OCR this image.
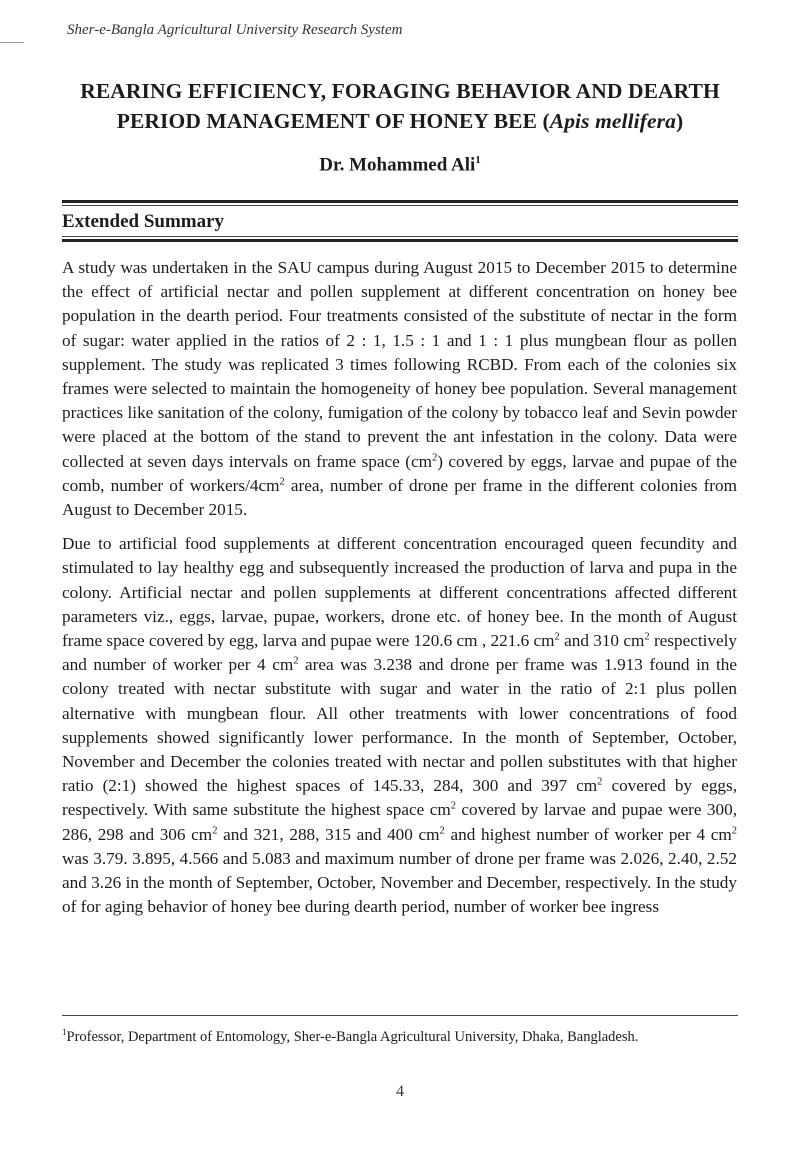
Sher-e-Bangla Agricultural University Research System
REARING EFFICIENCY, FORAGING BEHAVIOR AND DEARTH
PERIOD MANAGEMENT OF HONEY BEE (Apis mellifera)
Dr. Mohammed Ali$^1$
Extended Summary

A study was undertaken in the SAU campus during August 2015 to December 2015 to determine the effect of artificial nectar and pollen supplement at different concentration on honey bee population in the dearth period. Four treatments consisted of the substitute of nectar in the form of sugar: water applied in the ratios of 2 : 1, 1.5 : 1 and 1 : 1 plus mungbean flour as pollen supplement. The study was replicated 3 times following RCBD. From each of the colonies six frames were selected to maintain the homogeneity of honey bee population. Several management practices like sanitation of the colony, fumigation of the colony by tobacco leaf and Sevin powder were placed at the bottom of the stand to prevent the ant infestation in the colony. Data were collected at seven days intervals on frame space $(cm^2)$ covered by eggs, larvae and pupae of the comb, number of workers/$4cm^2$ area, number of drone per frame in the different colonies from August to December 2015.

Due to artificial food supplements at different concentration encouraged queen fecundity and stimulated to lay healthy egg and subsequently increased the production of larva and pupa in the colony. Artificial nectar and pollen supplements at different concentrations affected different parameters viz., eggs, larvae, pupae, workers, drone etc. of honey bee. In the month of August frame space covered by egg, larva and pupae were 120.6 cm , 221.6 $cm^2$ and 310 $cm^2$ respectively and number of worker per 4 $cm^2$ area was 3.238 and drone per frame was 1.913 found in the colony treated with nectar substitute with sugar and water in the ratio of 2:1 plus pollen alternative with mungbean flour. All other treatments with lower concentrations of food supplements showed significantly lower performance. In the month of September, October, November and December the colonies treated with nectar and pollen substitutes with that higher ratio (2:1) showed the highest spaces of 145.33, 284, 300 and 397 $cm^2$ covered by eggs, respectively. With same substitute the highest space $cm^2$ covered by larvae and pupae were 300, 286, 298 and 306 $cm^2$ and 321, 288, 315 and 400 $cm^2$ and highest number of worker per 4 $cm^2$ was 3.79. 3.895, 4.566 and 5.083 and maximum number of drone per frame was 2.026, 2.40, 2.52 and 3.26 in the month of September, October, November and December, respectively. In the study of for aging behavior of honey bee during dearth period, number of worker bee ingress

$^1$Professor, Department of Entomology, Sher-e-Bangla Agricultural University, Dhaka, Bangladesh.
4
